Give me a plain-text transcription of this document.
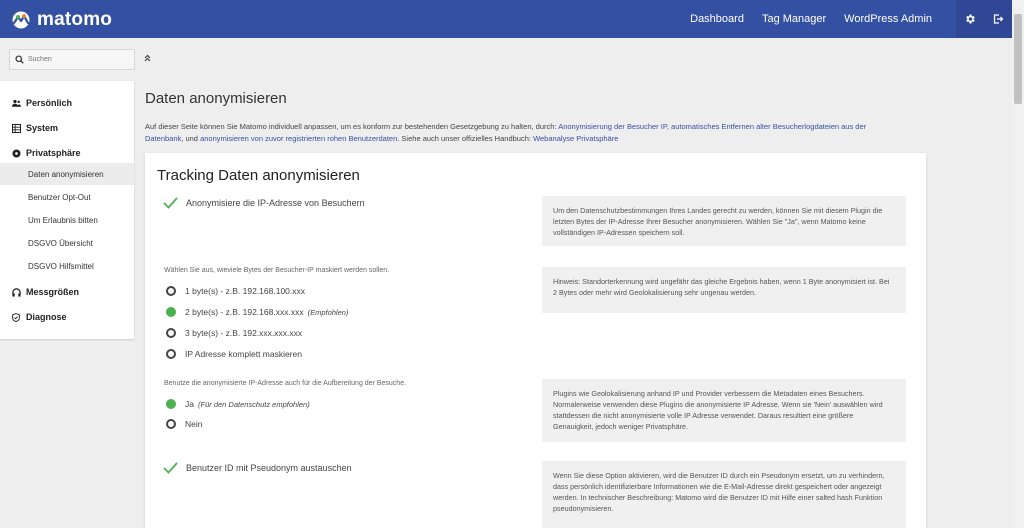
matomo	Dashboard Tag Manager WordPress Admin
Suchen
Persönlich
System
Privatsphäre
Daten anonymisieren
Benutzer Opt-Out
Um Erlaubnis bitten
DSGVO Übersicht
DSGVO Hilfsmittel
Messgrößen
Diagnose
Daten anonymisieren
Auf dieser Seite können Sie Matomo individuell anpassen, um es konform zur bestehenden Gesetzgebung zu halten, durch: Anonymisierung der Besucher IP, automatisches Entfernen alter Besucherlogdateien aus der Datenbank, und anonymisieren von zuvor registrierten rohen Benutzerdaten. Siehe auch unser offizielles Handbuch: Webanalyse Privatsphäre
Tracking Daten anonymisieren
Anonymisiere die IP-Adresse von Besuchern
Um den Datenschutzbestimmungen Ihres Landes gerecht zu werden, können Sie mit diesem Plugin die letzten Bytes der IP-Adresse Ihrer Besucher anonymisieren. Wählen Sie "Ja", wenn Matomo keine vollständigen IP-Adressen speichern soll.
Wählen Sie aus, wieviele Bytes der Besucher-IP maskiert werden sollen.
1 byte(s) - z.B. 192.168.100.xxx
2 byte(s) - z.B. 192.168.xxx.xxx (Empfohlen)
3 byte(s) - z.B. 192.xxx.xxx.xxx
IP Adresse komplett maskieren
Hinweis: Standorterkennung wird ungefähr das gleiche Ergebnis haben, wenn 1 Byte anonymisiert ist. Bei 2 Bytes oder mehr wird Geolokalisierung sehr ungenau werden.
Benutze die anonymisierte IP-Adresse auch für die Aufbereitung der Besuche.
Ja (Für den Datenschutz empfohlen)
Nein
Plugins wie Geolokalisierung anhand IP und Provider verbessern die Metadaten eines Besuchers. Normalerweise verwenden diese Plugins die anonymisierte IP Adresse. Wenn sie 'Nein' auswählen wird stattdessen die nicht anonymisierte volle IP Adresse verwendet. Daraus resultiert eine größere Genauigkeit, jedoch weniger Privatsphäre.
Benutzer ID mit Pseudonym austauschen
Wenn Sie diese Option aktivieren, wird die Benutzer ID durch ein Pseudonym ersetzt, um zu verhindern, dass persönlich identifizierbare Informationen wie die E-Mail-Adresse direkt gespeichert oder angezeigt werden. In technischer Beschreibung: Matomo wird die Benutzer ID mit Hilfe einer salted hash Funktion pseudonymisieren.
